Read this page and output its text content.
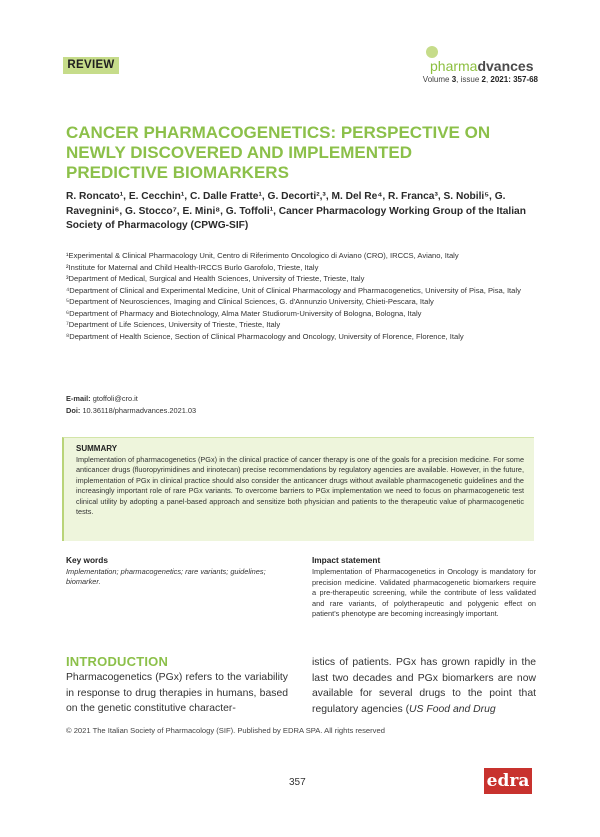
REVIEW	pharmadvances
Volume 3, issue 2, 2021: 357-68
CANCER PHARMACOGENETICS: PERSPECTIVE ON NEWLY DISCOVERED AND IMPLEMENTED PREDICTIVE BIOMARKERS
R. Roncato¹, E. Cecchin¹, C. Dalle Fratte¹, G. Decorti²,³, M. Del Re⁴, R. Franca³, S. Nobili⁵, G. Ravegnini⁶, G. Stocco⁷, E. Mini⁸, G. Toffoli¹, Cancer Pharmacology Working Group of the Italian Society of Pharmacology (CPWG-SIF)

¹Experimental & Clinical Pharmacology Unit, Centro di Riferimento Oncologico di Aviano (CRO), IRCCS, Aviano, Italy

²Institute for Maternal and Child Health-IRCCS Burlo Garofolo, Trieste, Italy

³Department of Medical, Surgical and Health Sciences, University of Trieste, Trieste, Italy

⁴Department of Clinical and Experimental Medicine, Unit of Clinical Pharmacology and Pharmacogenetics, University of Pisa, Pisa, Italy

⁵Department of Neurosciences, Imaging and Clinical Sciences, G. d'Annunzio University, Chieti-Pescara, Italy

⁶Department of Pharmacy and Biotechnology, Alma Mater Studiorum-University of Bologna, Bologna, Italy

⁷Department of Life Sciences, University of Trieste, Trieste, Italy

⁸Department of Health Science, Section of Clinical Pharmacology and Oncology, University of Florence, Florence, Italy

E-mail: gtoffoli@cro.it
Doi: 10.36118/pharmadvances.2021.03
SUMMARY
Implementation of pharmacogenetics (PGx) in the clinical practice of cancer therapy is one of the goals for a precision medicine. For some anticancer drugs (fluoropyrimidines and irinotecan) precise recommendations by regulatory agencies are available. However, in the future, implementation of PGx in clinical practice should also consider the anticancer drugs without available pharmacogenetic guidelines and the increasingly important role of rare PGx variants. To overcome barriers to PGx implementation we need to focus on pharmacogenetic test clinical utility by adopting a panel-based approach and sensitize both physician and patients to the therapeutic value of pharmacogenetic tests.
Key words
Implementation; pharmacogenetics; rare variants; guidelines; biomarker.
Impact statement
Implementation of Pharmacogenetics in Oncology is mandatory for precision medicine. Validated pharmacogenetic biomarkers require a pre-therapeutic screening, while the contribute of less validated and rare variants, of polytherapeutic and polygenic effect on patient's phenotype are becoming increasingly important.
INTRODUCTION
Pharmacogenetics (PGx) refers to the variability in response to drug therapies in humans, based on the genetic constitutive character-
istics of patients. PGx has grown rapidly in the last two decades and PGx biomarkers are now available for several drugs to the point that regulatory agencies (US Food and Drug
© 2021 The Italian Society of Pharmacology (SIF). Published by EDRA SPA. All rights reserved
357	edra
